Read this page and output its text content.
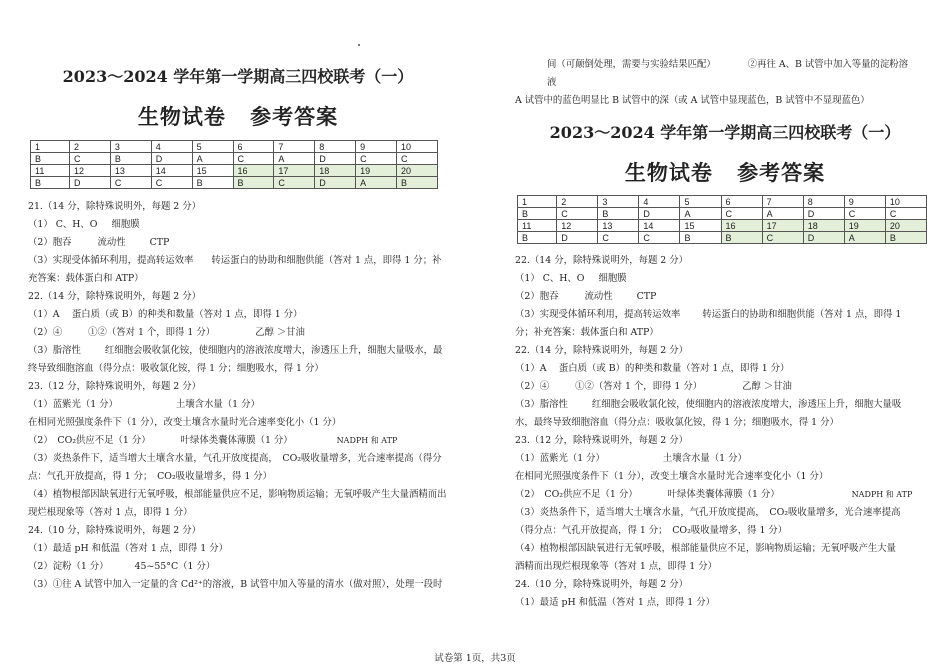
2023～2024 学年第一学期高三四校联考（一）
生物试卷 参考答案
1	2	3	4	5	6	7	8	9	10
B	C	B	D	A	C	A	D	C	C
11	12	13	14	15	16	17	18	19	20
B	D	C	C	B	B	C	D	A	B
21.（14 分，除特殊说明外，每题 2 分）
（1） C、H、O 细胞膜
（2）胞吞	流动性	CTP
（3）实现受体循环利用，提高转运效率 转运蛋白的协助和细胞供能（答对 1 点，即得 1 分；补
充答案：载体蛋白和 ATP）
22.（14 分，除特殊说明外，每题 2 分）
（1）A　 蛋白质（或 B）的种类和数量（答对 1 点，即得 1 分）
（2）④	①②（答对 1 个，即得 1 分）	乙醇 ＞甘油
（3）脂溶性	红细胞会吸收氯化铵，使细胞内的溶液浓度增大，渗透压上升，细胞大量吸水，最
终导致细胞溶血（得分点：吸收氯化铵，得 1 分；细胞吸水，得 1 分）
23.（12 分，除特殊说明外，每题 2 分）
（1）蓝紫光（1 分）	土壤含水量（1 分）
在相同光照强度条件下（1 分），改变土壤含水量时光合速率变化小（1 分）
（2）　CO₂供应不足（1 分）	叶绿体类囊体薄膜（1 分）	NADPH 和 ATP
（3）炎热条件下，适当增大土壤含水量，气孔开放度提高，　CO₂吸收量增多，光合速率提高（得分
点：气孔开放提高，得 1 分；　CO₂吸收量增多，得 1 分）
（4）植物根部因缺氧进行无氧呼吸，根部能量供应不足，影响物质运输；无氧呼吸产生大量酒精而出
现烂根现象等（答对 1 点，即得 1 分）
24.（10 分，除特殊说明外，每题 2 分）
（1）最适 pH 和低温（答对 1 点，即得 1 分）
（2）淀粉（1 分）	45~55°C（1 分）
（3）①往 A 试管中加入一定量的含 Cd²⁺的溶液，B 试管中加入等量的清水（做对照），处理一段时
间（可颠倒处理，需要与实验结果匹配）	②再往 A、B 试管中加入等量的淀粉溶
液
A 试管中的蓝色明显比 B 试管中的深（或 A 试管中显现蓝色，B 试管中不显现蓝色）
2023～2024 学年第一学期高三四校联考（一）
生物试卷 参考答案
1	2	3	4	5	6	7	8	9	10
B	C	B	D	A	C	A	D	C	C
11	12	13	14	15	16	17	18	19	20
B	D	C	C	B	B	C	D	A	B
22.（14 分，除特殊说明外，每题 2 分）
（1） C、H、O 细胞膜
（2）胞吞	流动性	CTP
（3）实现受体循环利用，提高转运效率 转运蛋白的协助和细胞供能（答对 1 点，即得 1
分；补充答案：载体蛋白和 ATP）
22.（14 分，除特殊说明外，每题 2 分）
（1）A　 蛋白质（或 B）的种类和数量（答对 1 点，即得 1 分）
（2）④	①②（答对 1 个，即得 1 分）	乙醇 ＞甘油
（3）脂溶性	红细胞会吸收氯化铵，使细胞内的溶液浓度增大，渗透压上升，细胞大量吸
水，最终导致细胞溶血（得分点：吸收氯化铵，得 1 分；细胞吸水，得 1 分）
23.（12 分，除特殊说明外，每题 2 分）
（1）蓝紫光（1 分）	土壤含水量（1 分）
在相同光照强度条件下（1 分），改变土壤含水量时光合速率变化小（1 分）
（2）　CO₂供应不足（1 分）	叶绿体类囊体薄膜（1 分）	NADPH 和 ATP
（3）炎热条件下，适当增大土壤含水量，气孔开放度提高，　CO₂吸收量增多，光合速率提高
（得分点：气孔开放提高，得 1 分；　CO₂吸收量增多，得 1 分）
（4）植物根部因缺氧进行无氧呼吸，根部能量供应不足，影响物质运输；无氧呼吸产生大量
酒精而出现烂根现象等（答对 1 点，即得 1 分）
24.（10 分，除特殊说明外，每题 2 分）
（1）最适 pH 和低温（答对 1 点，即得 1 分）
试卷第 1页，共3页
